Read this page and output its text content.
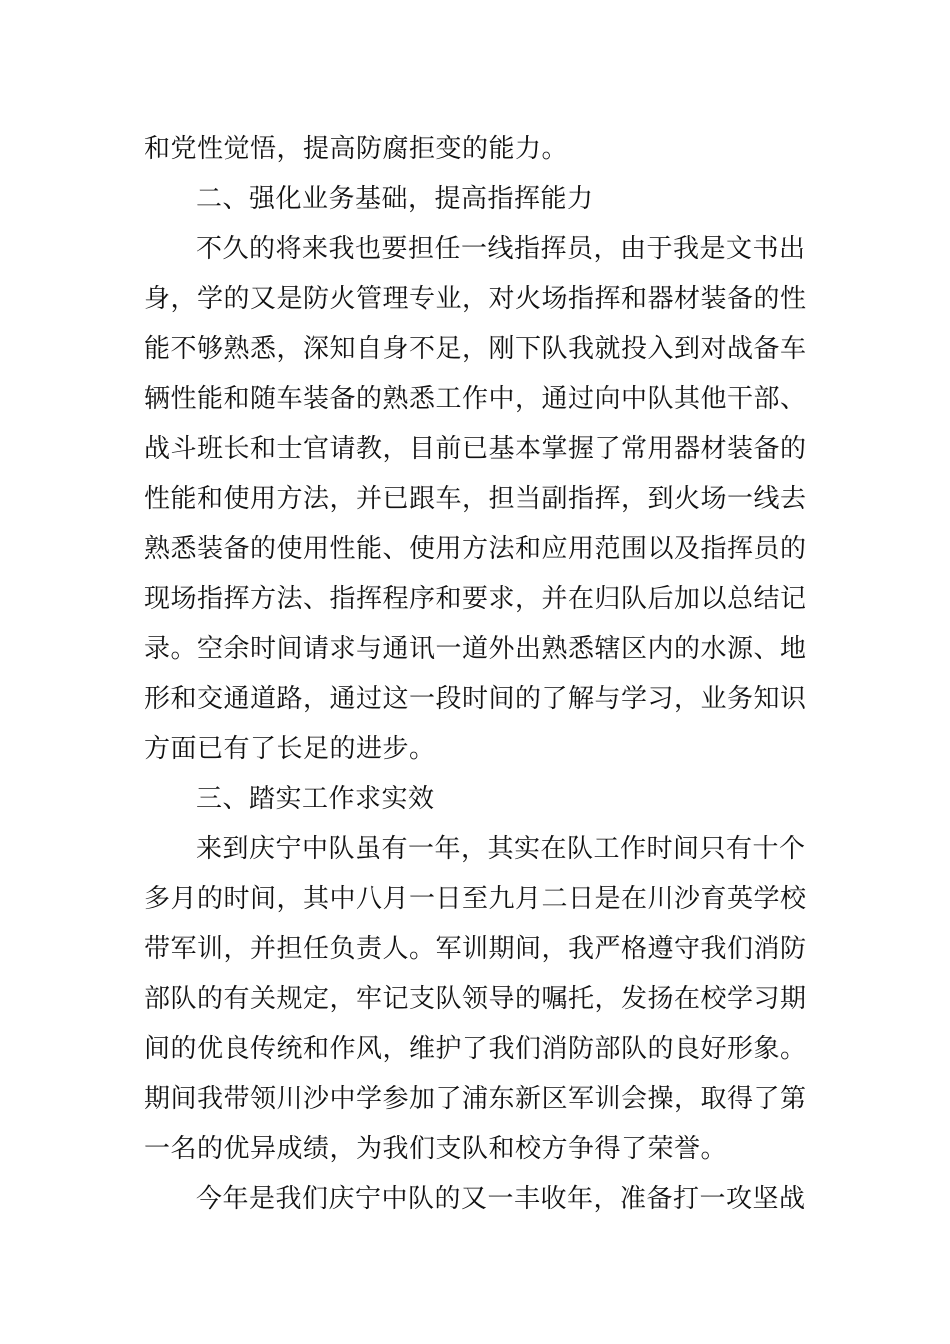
和党性觉悟，提高防腐拒变的能力。
二、强化业务基础，提高指挥能力
不久的将来我也要担任一线指挥员，由于我是文书出
身，学的又是防火管理专业，对火场指挥和器材装备的性
能不够熟悉，深知自身不足，刚下队我就投入到对战备车
辆性能和随车装备的熟悉工作中，通过向中队其他干部、
战斗班长和士官请教，目前已基本掌握了常用器材装备的
性能和使用方法，并已跟车，担当副指挥，到火场一线去
熟悉装备的使用性能、使用方法和应用范围以及指挥员的
现场指挥方法、指挥程序和要求，并在归队后加以总结记
录。空余时间请求与通讯一道外出熟悉辖区内的水源、地
形和交通道路，通过这一段时间的了解与学习，业务知识
方面已有了长足的进步。
三、踏实工作求实效
来到庆宁中队虽有一年，其实在队工作时间只有十个
多月的时间，其中八月一日至九月二日是在川沙育英学校
带军训，并担任负责人。军训期间，我严格遵守我们消防
部队的有关规定，牢记支队领导的嘱托，发扬在校学习期
间的优良传统和作风，维护了我们消防部队的良好形象。
期间我带领川沙中学参加了浦东新区军训会操，取得了第
一名的优异成绩，为我们支队和校方争得了荣誉。
今年是我们庆宁中队的又一丰收年，准备打一攻坚战
